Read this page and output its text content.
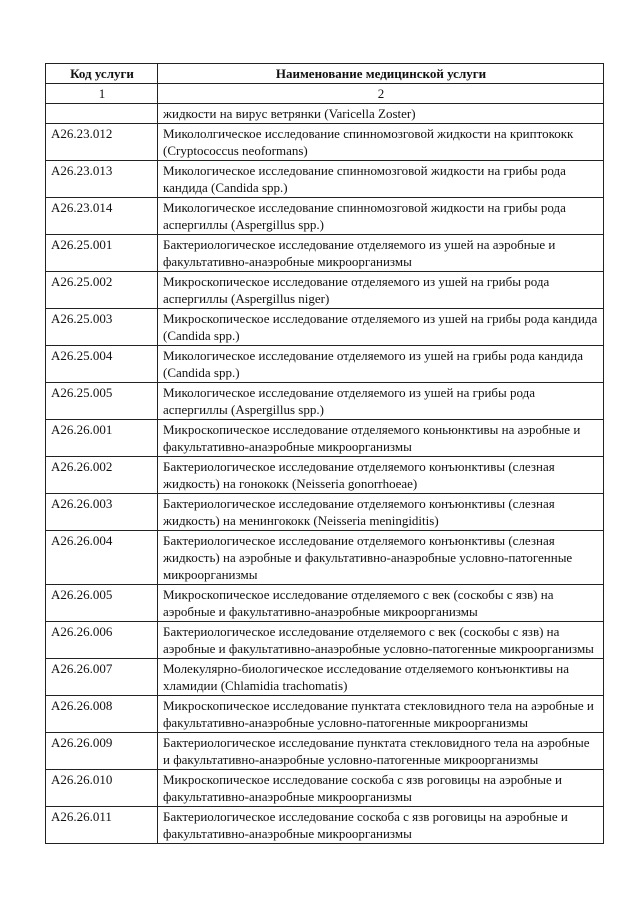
Код услуги	Наименование медицинской услуги
1	2
	жидкости на вирус ветрянки (Varicella Zoster)
A26.23.012	Микололгическое исследование спинномозговой жидкости на криптококк (Cryptococcus neoformans)
A26.23.013	Микологическое исследование спинномозговой жидкости на грибы рода кандида (Candida spp.)
A26.23.014	Микологическое исследование спинномозговой жидкости на грибы рода аспергиллы (Aspergillus spp.)
A26.25.001	Бактериологическое исследование отделяемого из ушей на аэробные и факультативно-анаэробные микроорганизмы
A26.25.002	Микроскопическое исследование отделяемого из ушей на грибы рода аспергиллы (Aspergillus niger)
A26.25.003	Микроскопическое исследование отделяемого из ушей на грибы рода кандида (Candida spp.)
A26.25.004	Микологическое исследование отделяемого из ушей на грибы рода кандида (Candida spp.)
A26.25.005	Микологическое исследование отделяемого из ушей на грибы рода аспергиллы (Aspergillus spp.)
A26.26.001	Микроскопическое исследование отделяемого коньюнктивы на аэробные и факультативно-анаэробные микроорганизмы
A26.26.002	Бактериологическое исследование отделяемого конъюнктивы (слезная жидкость) на гонококк (Neisseria gonorrhoeae)
A26.26.003	Бактериологическое исследование отделяемого конъюнктивы (слезная жидкость) на менингококк (Neisseria meningiditis)
A26.26.004	Бактериологическое исследование отделяемого конъюнктивы (слезная жидкость) на аэробные и факультативно-анаэробные условно-патогенные микроорганизмы
A26.26.005	Микроскопическое исследование отделяемого с век (соскобы с язв) на аэробные и факультативно-анаэробные микроорганизмы
A26.26.006	Бактериологическое исследование отделяемого с век (соскобы с язв) на аэробные и факультативно-анаэробные условно-патогенные микроорганизмы
A26.26.007	Молекулярно-биологическое исследование отделяемого конъюнктивы на хламидии (Chlamidia trachomatis)
A26.26.008	Микроскопическое исследование пунктата стекловидного тела на аэробные и факультативно-анаэробные условно-патогенные микроорганизмы
A26.26.009	Бактериологическое исследование пунктата стекловидного тела на аэробные и факультативно-анаэробные условно-патогенные микроорганизмы
A26.26.010	Микроскопическое исследование соскоба с язв роговицы на аэробные и факультативно-анаэробные микроорганизмы
A26.26.011	Бактериологическое исследование соскоба с язв роговицы на аэробные и факультативно-анаэробные микроорганизмы
